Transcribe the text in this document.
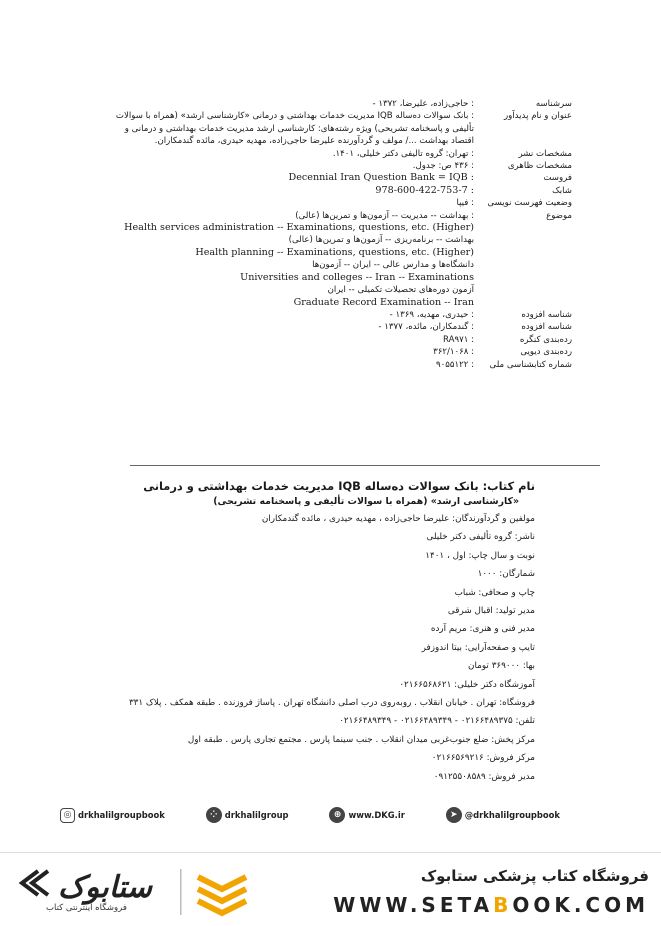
سرشناسه
: حاجی‌زاده، علیرضا، ۱۳۷۲ -
عنوان و نام پدیدآور
: بانک سوالات ده‌ساله IQB مدیریت خدمات بهداشتی و درمانی «کارشناسی ارشد» (همراه با سوالات
تألیفی و پاسخنامه تشریحی) ویژه رشته‌های: کارشناسی ارشد مدیریت خدمات بهداشتی و درمانی و
اقتصاد بهداشت .../ مولف و گردآورنده علیرضا حاجی‌زاده، مهدیه حیدری، مائده گندمکاران.
مشخصات نشر
: تهران: گروه تالیفی دکتر خلیلی، ۱۴۰۱.
مشخصات ظاهری
: ۴۳۶ ص: جدول.
فروست
Decennial Iran Question Bank = IQB :
شابک
978-600-422-753-7 :
وضعیت فهرست نویسی
: فیپا
موضوع
: بهداشت -- مدیریت -- آزمون‌ها و تمرین‌ها (عالی)
Health services administration -- Examinations, questions, etc. (Higher)
بهداشت -- برنامه‌ریزی -- آزمون‌ها و تمرین‌ها (عالی)
Health planning -- Examinations, questions, etc. (Higher)
دانشگاه‌ها و مدارس عالی -- ایران -- آزمون‌ها
Universities and colleges -- Iran -- Examinations
آزمون دوره‌های تحصیلات تکمیلی -- ایران
Graduate Record Examination -- Iran
شناسه افزوده
: حیدری، مهدیه، ۱۳۶۹ -
شناسه افزوده
: گندمکاران، مائده، ۱۳۷۷ -
رده‌بندی کنگره
: RA۹۷۱
رده‌بندی دیویی
: ۳۶۲/۱۰۶۸
شماره کتابشناسی ملی
: ۹۰۵۵۱۲۲
نام کتاب: بانک سوالات ده‌ساله IQB مدیریت خدمات بهداشتی و درمانی
«کارشناسی ارشد» (همراه با سوالات تألیفی و پاسخنامه تشریحی)
مولفین و گردآورندگان: علیرضا حاجی‌زاده ، مهدیه حیدری ، مائده گندمکاران
ناشر: گروه تألیفی دکتر خلیلی
نوبت و سال چاپ: اول ، ۱۴۰۱
شمارگان: ۱۰۰۰
چاپ و صحافی: شباب
مدیر تولید: اقبال شرقی
مدیر فنی و هنری: مریم آرده
تایپ و صفحه‌آرایی: بیتا اندوزفر
بها: ۳۶۹۰۰۰ تومان
آموزشگاه دکتر خلیلی: ۰۲۱۶۶۵۶۸۶۲۱
فروشگاه: تهران . خیابان انقلاب . روبه‌روی درب اصلی دانشگاه تهران . پاساژ فروزنده . طبقه همکف . پلاک ۳۳۱
تلفن: ۰۲۱۶۶۴۸۹۳۷۵ - ۰۲۱۶۶۴۸۹۳۴۹ - ۰۲۱۶۶۴۸۹۳۴۹
مرکز پخش: ضلع جنوب‌غربی میدان انقلاب . جنب سینما پارس . مجتمع تجاری پارس . طبقه اول
مرکز فروش: ۰۲۱۶۶۵۶۹۲۱۶
مدیر فروش: ۰۹۱۲۵۵۰۸۵۸۹
◎ drkhalilgroupbook	⁘ drkhalilgroup	⊕ www.DKG.ir	➤ @drkhalilgroupbook
ستابوک
فروشگاه اینترنتی کتاب
فروشگاه کتاب پزشکی ستابوک
WWW.SETABOOK.COM
